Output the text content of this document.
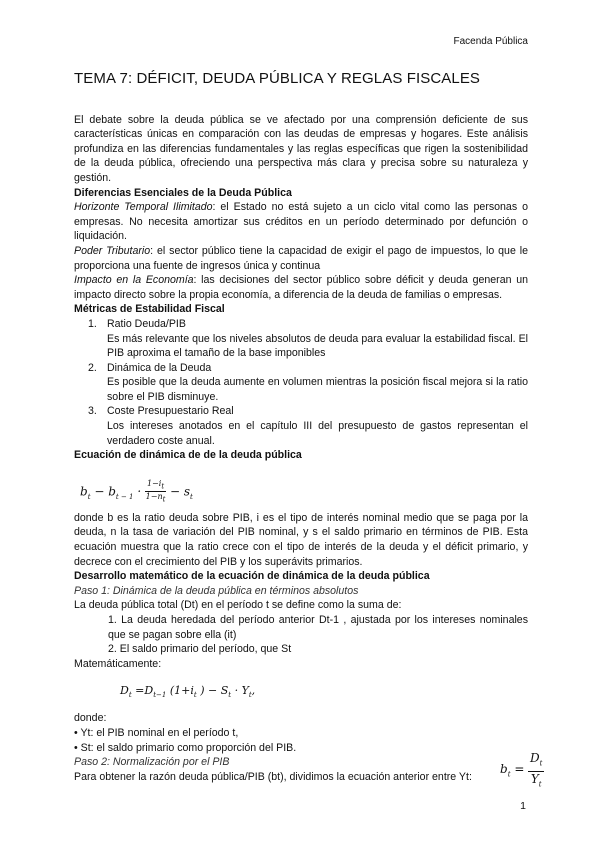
Facenda Pública
TEMA 7: DÉFICIT, DEUDA PÚBLICA Y REGLAS FISCALES

El debate sobre la deuda pública se ve afectado por una comprensión deficiente de sus características únicas en comparación con las deudas de empresas y hogares. Este análisis profundiza en las diferencias fundamentales y las reglas específicas que rigen la sostenibilidad de la deuda pública, ofreciendo una perspectiva más clara y precisa sobre su naturaleza y gestión.

Diferencias Esenciales de la Deuda Pública

Horizonte Temporal Ilimitado: el Estado no está sujeto a un ciclo vital como las personas o empresas. No necesita amortizar sus créditos en un período determinado por defunción o liquidación.

Poder Tributario: el sector público tiene la capacidad de exigir el pago de impuestos, lo que le proporciona una fuente de ingresos única y continua

Impacto en la Economía: las decisiones del sector público sobre déficit y deuda generan un impacto directo sobre la propia economía, a diferencia de la deuda de familias o empresas.

Métricas de Estabilidad Fiscal

1. Ratio Deuda/PIB
Es más relevante que los niveles absolutos de deuda para evaluar la estabilidad fiscal. El PIB aproxima el tamaño de la base imponibles
2. Dinámica de la Deuda
Es posible que la deuda aumente en volumen mientras la posición fiscal mejora si la ratio sobre el PIB disminuye.
3. Coste Presupuestario Real
Los intereses anotados en el capítulo III del presupuesto de gastos representan el verdadero coste anual.

Ecuación de dinámica de de la deuda pública

$b_t - b_{t - 1} \cdot \frac{1-i_t}{1-n_t} - s_t$

donde b es la ratio deuda sobre PIB, i es el tipo de interés nominal medio que se paga por la deuda, n la tasa de variación del PIB nominal, y s el saldo primario en términos de PIB. Esta ecuación muestra que la ratio crece con el tipo de interés de la deuda y el déficit primario, y decrece con el crecimiento del PIB y los superávits primarios.

Desarrollo matemático de la ecuación de dinámica de la deuda pública

Paso 1: Dinámica de la deuda pública en términos absolutos

La deuda pública total (Dt) en el período t se define como la suma de:

1. La deuda heredada del período anterior Dt-1 , ajustada por los intereses nominales que se pagan sobre ella (it)

2. El saldo primario del período, que St

Matemáticamente:

$D_t =D_{t-1}$ ($1+i_t$ ) − $S_t \cdot Y_t$,

donde:

• Yt: el PIB nominal en el período t,

• St: el saldo primario como proporción del PIB.

Paso 2: Normalización por el PIB

Para obtener la razón deuda pública/PIB (bt), dividimos la ecuación anterior entre Yt:

$b_t = \frac{D_t}{Y_t}$
1
